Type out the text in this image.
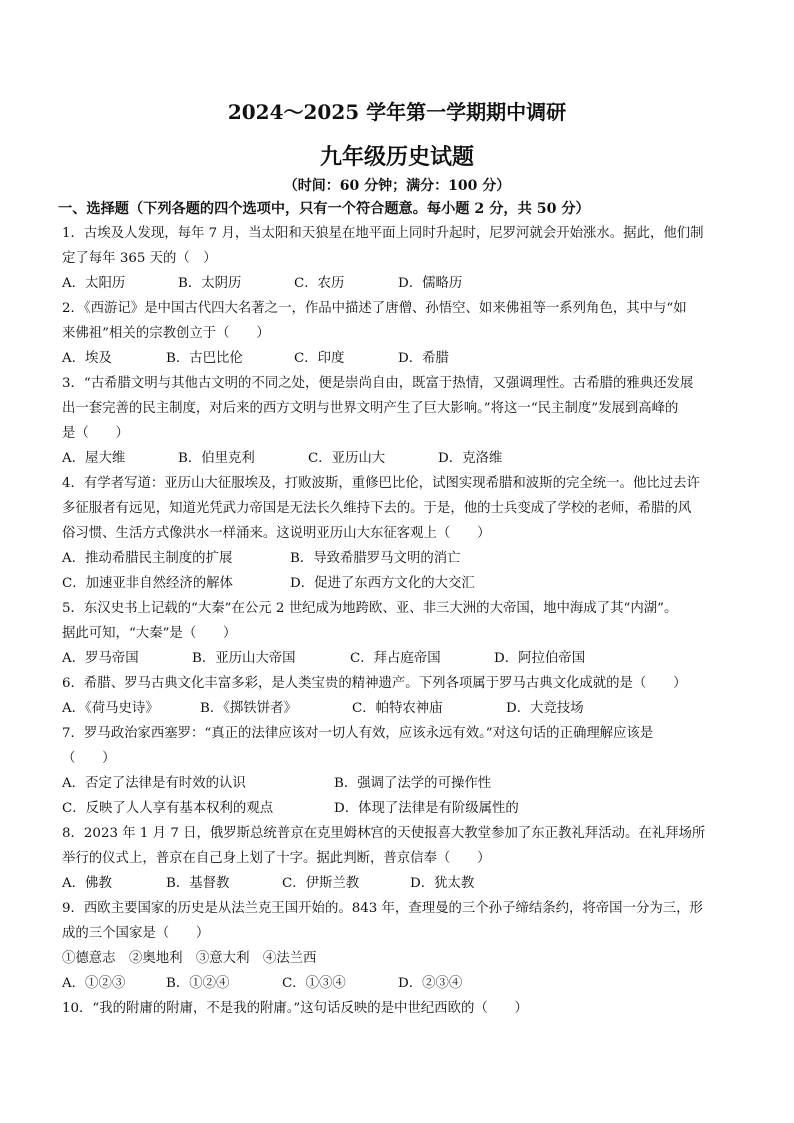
2024～2025 学年第一学期期中调研
九年级历史试题
（时间：60 分钟；满分：100 分）
一、选择题（下列各题的四个选项中，只有一个符合题意。每小题 2 分，共 50 分）
1．古埃及人发现，每年 7 月，当太阳和天狼星在地平面上同时升起时，尼罗河就会开始涨水。据此，他们制
定了每年 365 天的（　）
A．太阳历	B．太阴历	C．农历	D．儒略历
2．《西游记》是中国古代四大名著之一，作品中描述了唐僧、孙悟空、如来佛祖等一系列角色，其中与“如
来佛祖”相关的宗教创立于（　　）
A．埃及	B．古巴比伦	C．印度	D．希腊
3．“古希腊文明与其他古文明的不同之处，便是崇尚自由，既富于热情，又强调理性。古希腊的雅典还发展
出一套完善的民主制度，对后来的西方文明与世界文明产生了巨大影响。”将这一“民主制度”发展到高峰的
是（　　）
A．屋大维	B．伯里克利	C．亚历山大	D．克洛维
4．有学者写道：亚历山大征服埃及，打败波斯，重修巴比伦，试图实现希腊和波斯的完全统一。他比过去许
多征服者有远见，知道光凭武力帝国是无法长久维持下去的。于是，他的士兵变成了学校的老师，希腊的风
俗习惯、生活方式像洪水一样涌来。这说明亚历山大东征客观上（　　）
A．推动希腊民主制度的扩展	B．导致希腊罗马文明的消亡
C．加速亚非自然经济的解体	D．促进了东西方文化的大交汇
5．东汉史书上记载的“大秦”在公元 2 世纪成为地跨欧、亚、非三大洲的大帝国，地中海成了其“内湖”。
据此可知，“大秦”是（　　）
A．罗马帝国	B．亚历山大帝国	C．拜占庭帝国	D．阿拉伯帝国
6．希腊、罗马古典文化丰富多彩，是人类宝贵的精神遗产。下列各项属于罗马古典文化成就的是（　　）
A．《荷马史诗》	B．《掷铁饼者》	C．帕特农神庙	D．大竞技场
7．罗马政治家西塞罗：“真正的法律应该对一切人有效，应该永远有效。”对这句话的正确理解应该是
（　　）
A．否定了法律是有时效的认识	B．强调了法学的可操作性
C．反映了人人享有基本权利的观点	D．体现了法律是有阶级属性的
8．2023 年 1 月 7 日，俄罗斯总统普京在克里姆林宫的天使报喜大教堂参加了东正教礼拜活动。在礼拜场所
举行的仪式上，普京在自己身上划了十字。据此判断，普京信奉（　　）
A．佛教	B．基督教	C．伊斯兰教	D．犹太教
9．西欧主要国家的历史是从法兰克王国开始的。843 年，查理曼的三个孙子缔结条约，将帝国一分为三，形
成的三个国家是（　　）
①德意志　②奥地利　③意大利　④法兰西
A．①②③	B．①②④	C．①③④	D．②③④
10．“我的附庸的附庸，不是我的附庸。”这句话反映的是中世纪西欧的（　　）
